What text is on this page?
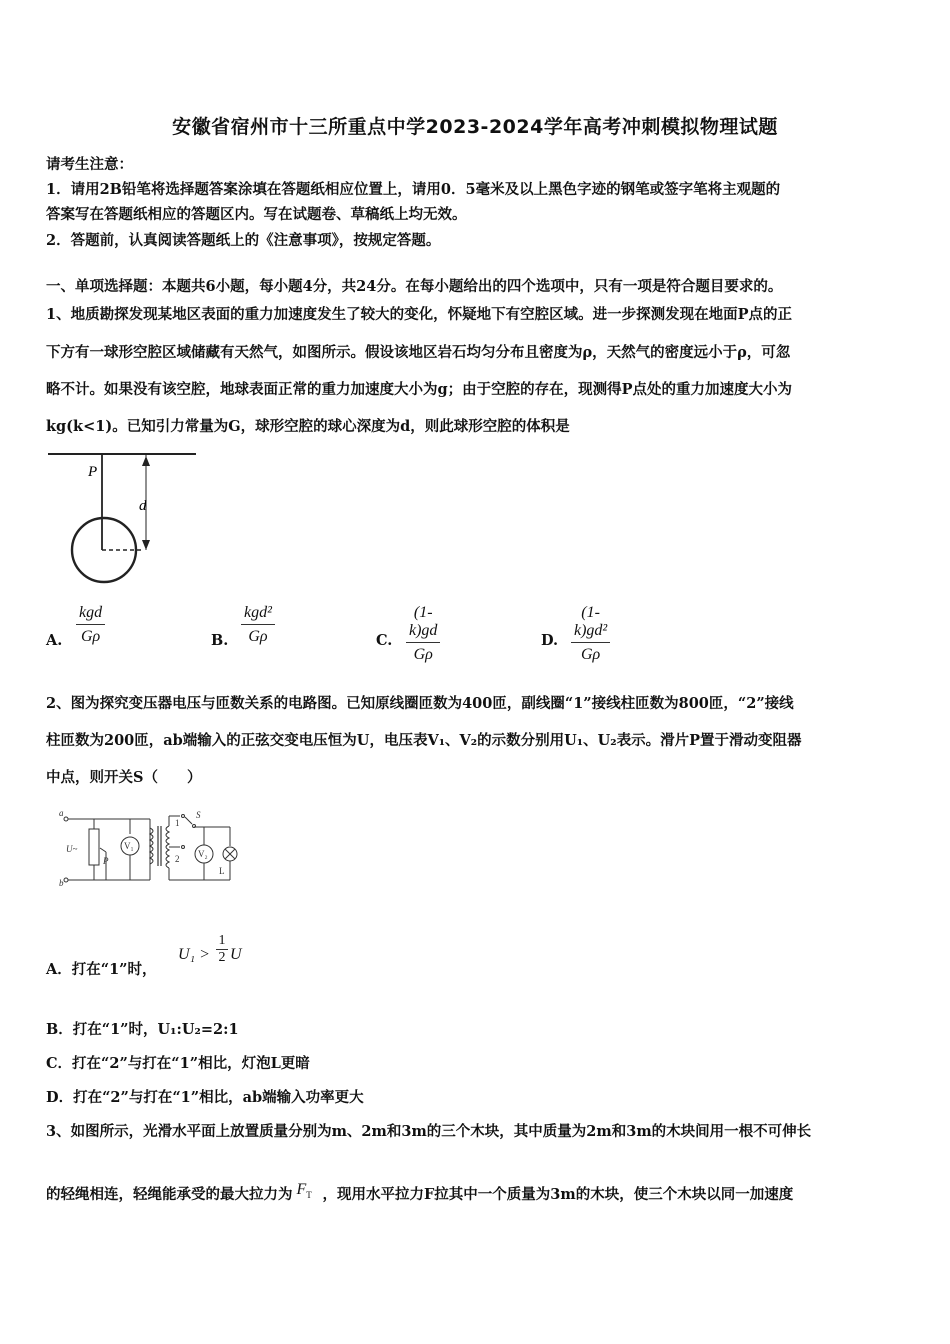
安徽省宿州市十三所重点中学2023-2024学年高考冲刺模拟物理试题
请考生注意：
1．请用2B铅笔将选择题答案涂填在答题纸相应位置上，请用0．5毫米及以上黑色字迹的钢笔或签字笔将主观题的
答案写在答题纸相应的答题区内。写在试题卷、草稿纸上均无效。
2．答题前，认真阅读答题纸上的《注意事项》，按规定答题。
一、单项选择题：本题共6小题，每小题4分，共24分。在每小题给出的四个选项中，只有一项是符合题目要求的。
1、地质勘探发现某地区表面的重力加速度发生了较大的变化，怀疑地下有空腔区域。进一步探测发现在地面P点的正
下方有一球形空腔区域储藏有天然气，如图所示。假设该地区岩石均匀分布且密度为ρ，天然气的密度远小于ρ，可忽
略不计。如果没有该空腔，地球表面正常的重力加速度大小为g；由于空腔的存在，现测得P点处的重力加速度大小为
kg(k<1)。已知引力常量为G，球形空腔的球心深度为d，则此球形空腔的体积是
P
d
A.
kgd
Gρ	B.
kgd²
Gρ	C. $\frac{(1- k)gd}{G\rho}$	D. $\frac{\text{(1- k)gd²}}{G\rho}$
2、图为探究变压器电压与匝数关系的电路图。已知原线圈匝数为400匝，副线圈“1”接线柱匝数为800匝，“2”接线
柱匝数为200匝，ab端输入的正弦交变电压恒为U，电压表V₁、V₂的示数分别用U₁、U₂表示。滑片P置于滑动变阻器
中点，则开关S（　　）
a
b
U~
P
V₁
V₂
S
1
2
L
A．打在“1”时，
U₁ >
1
2 U
B．打在“1”时，U₁:U₂=2:1
C．打在“2”与打在“1”相比，灯泡L更暗
D．打在“2”与打在“1”相比，ab端输入功率更大
3、如图所示，光滑水平面上放置质量分别为m、2m和3m的三个木块，其中质量为2m和3m的木块间用一根不可伸长
的轻绳相连，轻绳能承受的最大拉力为 $F_T$ ，现用水平拉力F拉其中一个质量为3m的木块，使三个木块以同一加速度
